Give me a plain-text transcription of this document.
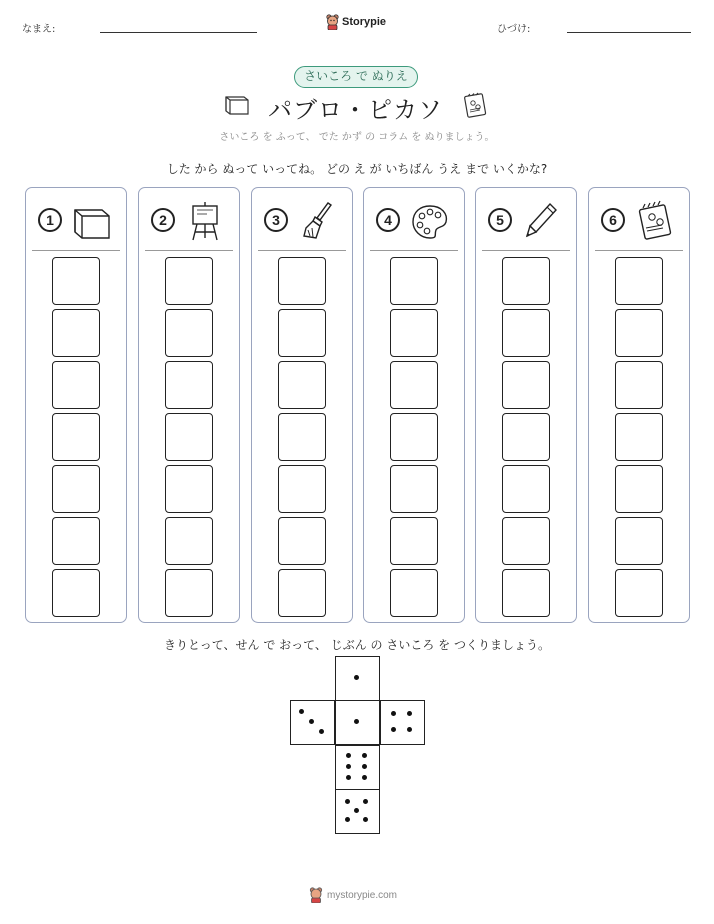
なまえ:
Storypie
ひづけ:
さいころ で ぬりえ
パブロ・ピカソ
さいころ を ふって、 でた かず の コラム を ぬりましょう。
した から ぬって いってね。 どの え が いちばん うえ まで いくかな?
1	2	3	4	5	6
きりとって、せん で おって、 じぶん の さいころ を つくりましょう。
mystorypie.com
